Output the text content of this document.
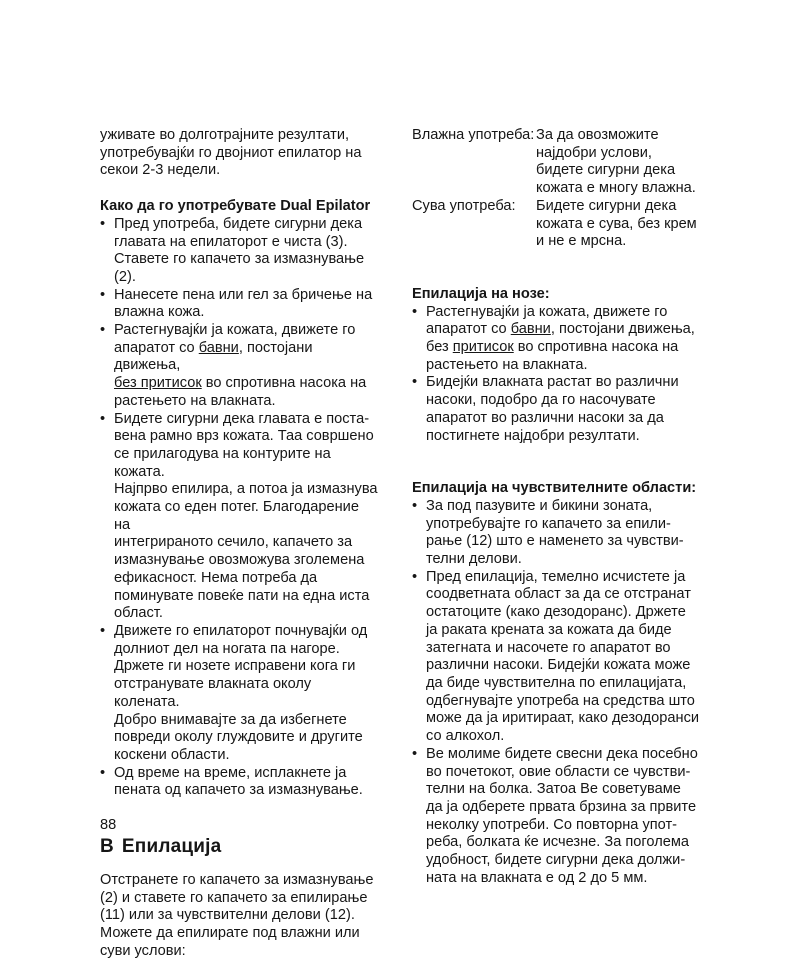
уживате во долготрајните резултати,
употребувајќи го двојниот епилатор на
секои 2-3 недели.

Како да го употребувате Dual Epilator

• Пред употреба, бидете сигурни дека
главата на епилаторот е чиста (3).
Ставете го капачето за измазнување
(2).
• Нанесете пена или гел за бричење на
влажна кожа.
• Растегнувајќи ја кожата, движете го
апаратот со бавни, постојани движења,
без притисок во спротивна насока на
растењето на влакната.
• Бидете сигурни дека главата е поста-
вена рамно врз кожата. Таа совршено
се прилагодува на контурите на кожата.
Најпрво епилира, а потоа ја измазнува
кожата со еден потег. Благодарение на
интегрираното сечило, капачето за
измазнување овозможува зголемена
ефикасност. Нема потреба да
поминувате повеќе пати на една иста
област.
• Движете го епилаторот почнувајќи од
долниот дел на ногата па нагоре.
Држете ги нозете исправени кога ги
отстранувате влакната околу колената.
Добро внимавајте за да избегнете
повреди околу глуждовите и другите
коскени области.
• Од време на време, исплакнете ја
пената од капачето за измазнување.
B Епилација

Отстранете го капачето за измазнување
(2) и ставете го капачето за епилирање
(11) или за чувствителни делови (12).
Можете да епилирате под влажни или
суви услови:

Влажна употреба: За да овозможите
најдобри услови,
бидете сигурни дека
кожата е многу влажна.
Сува употреба:	Бидете сигурни дека
кожата е сува, без крем
и не е мрсна.

Епилација на нозе:

• Растегнувајќи ја кожата, движете го
апаратот со бавни, постојани движења,
без притисок во спротивна насока на
растењето на влакната.
• Бидејќи влакната растат во различни
насоки, подобро да го насочувате
апаратот во различни насоки за да
постигнете најдобри резултати.

Епилација на чувствителните области:

• За под пазувите и бикини зоната,
употребувајте го капачето за епили-
рање (12) што е наменето за чувстви-
телни делови.
• Пред епилација, темелно исчистете ја
соодветната област за да се отстранат
остатоците (како дезодоранс). Држете
ја раката кренатa за кожата да биде
затегната и насочете го апаратот во
различни насоки. Бидејќи кожата може
да биде чувствителна по епилацијата,
одбегнувајте употреба на средства што
може да ја иритираат, како дезодоранси
со алкохол.
• Ве молиме бидете свесни дека посебно
во почетокот, овие области се чувстви-
телни на болка. Затоа Ве советуваме
да ја одберете првата брзина за првите
неколку употреби. Со повторна упот-
реба, болката ќе исчезне. За поголема
удобност, бидете сигурни дека должи-
ната на влакната е од 2 до 5 мм.
88
